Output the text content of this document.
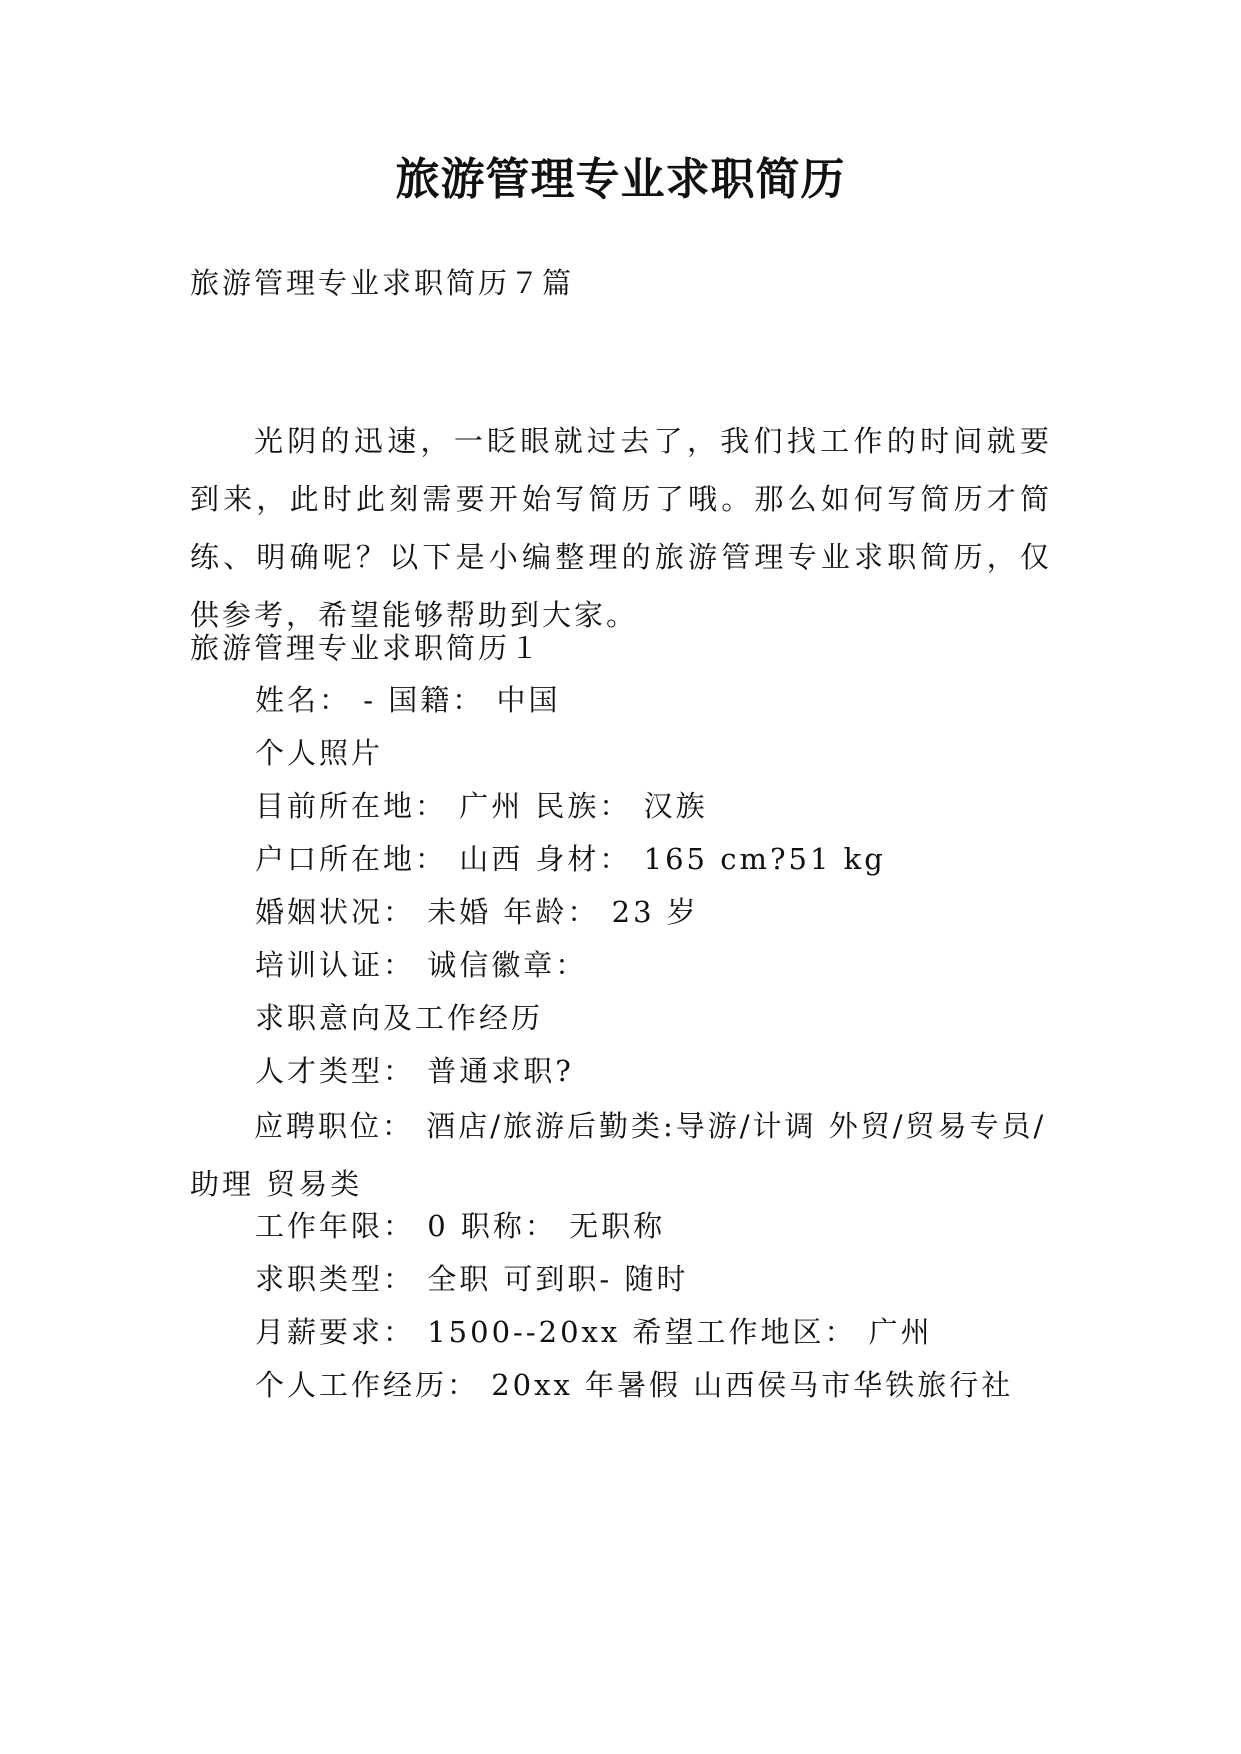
旅游管理专业求职简历
旅游管理专业求职简历７篇
光阴的迅速，一眨眼就过去了，我们找工作的时间就要到来，此时此刻需要开始写简历了哦。那么如何写简历才简练、明确呢？以下是小编整理的旅游管理专业求职简历，仅供参考，希望能够帮助到大家。
旅游管理专业求职简历１
姓名： - 国籍： 中国
个人照片
目前所在地： 广州 民族： 汉族
户口所在地： 山西 身材： 165 cm?51 kg
婚姻状况： 未婚 年龄： 23 岁
培训认证： 诚信徽章：
求职意向及工作经历
人才类型： 普通求职?
应聘职位： 酒店/旅游后勤类:导游/计调 外贸/贸易专员/助理 贸易类
工作年限： 0 职称： 无职称
求职类型： 全职 可到职- 随时
月薪要求： 1500--20xx 希望工作地区： 广州
个人工作经历： 20xx 年暑假 山西侯马市华铁旅行社
